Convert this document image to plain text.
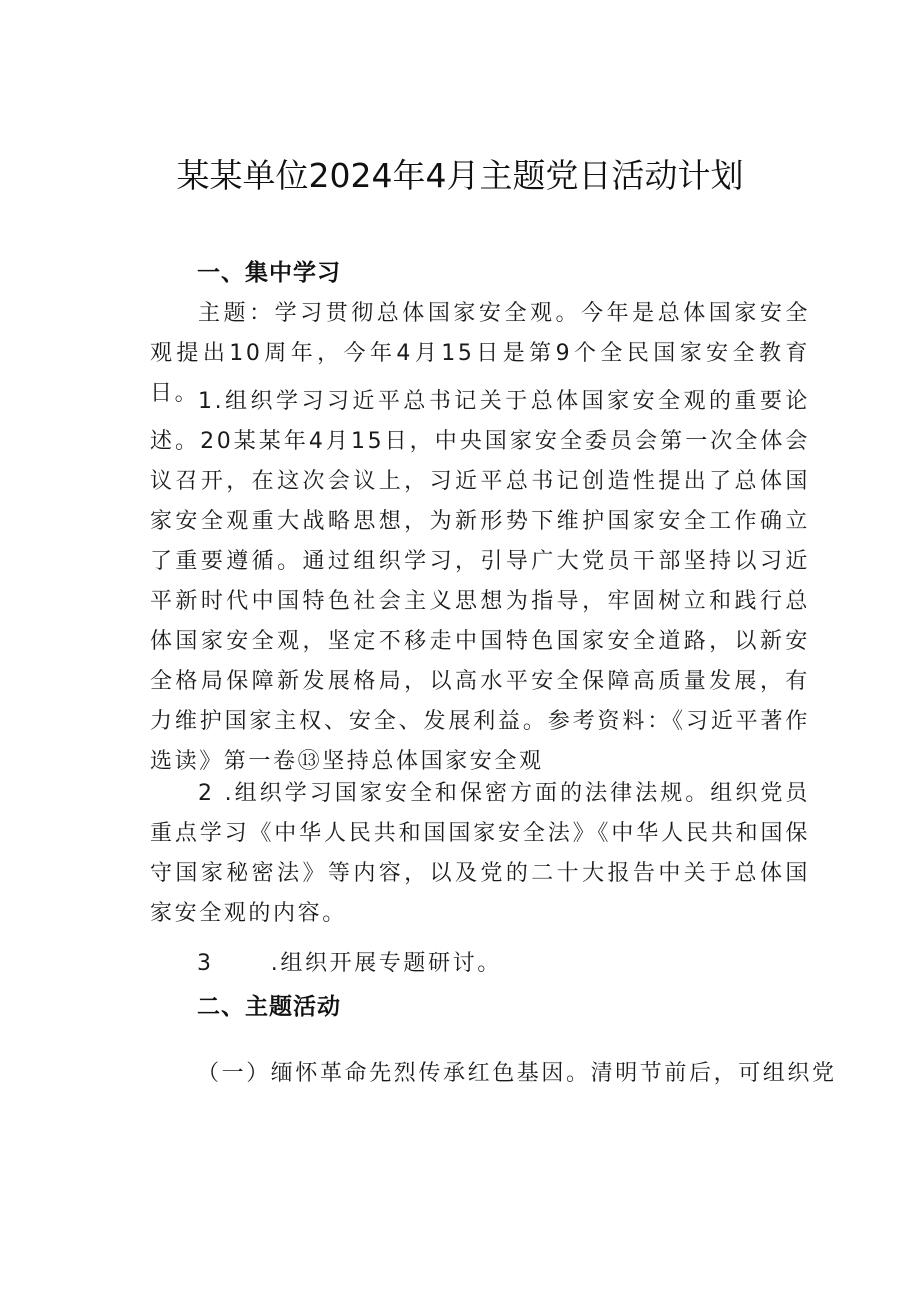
某某单位2024年4月主题党日活动计划
一、集中学习
主题：学习贯彻总体国家安全观。今年是总体国家安全观提出10周年，今年4月15日是第9个全民国家安全教育日。
1.组织学习习近平总书记关于总体国家安全观的重要论述。20某某年4月15日，中央国家安全委员会第一次全体会议召开，在这次会议上，习近平总书记创造性提出了总体国家安全观重大战略思想，为新形势下维护国家安全工作确立了重要遵循。通过组织学习，引导广大党员干部坚持以习近平新时代中国特色社会主义思想为指导，牢固树立和践行总体国家安全观，坚定不移走中国特色国家安全道路，以新安全格局保障新发展格局，以高水平安全保障高质量发展，有力维护国家主权、安全、发展利益。参考资料：《习近平著作选读》第一卷⑬坚持总体国家安全观
2 .组织学习国家安全和保密方面的法律法规。组织党员重点学习《中华人民共和国国家安全法》《中华人民共和国保守国家秘密法》等内容，以及党的二十大报告中关于总体国家安全观的内容。
3	.组织开展专题研讨。
二、主题活动
（一）缅怀革命先烈传承红色基因。清明节前后，可组织党
